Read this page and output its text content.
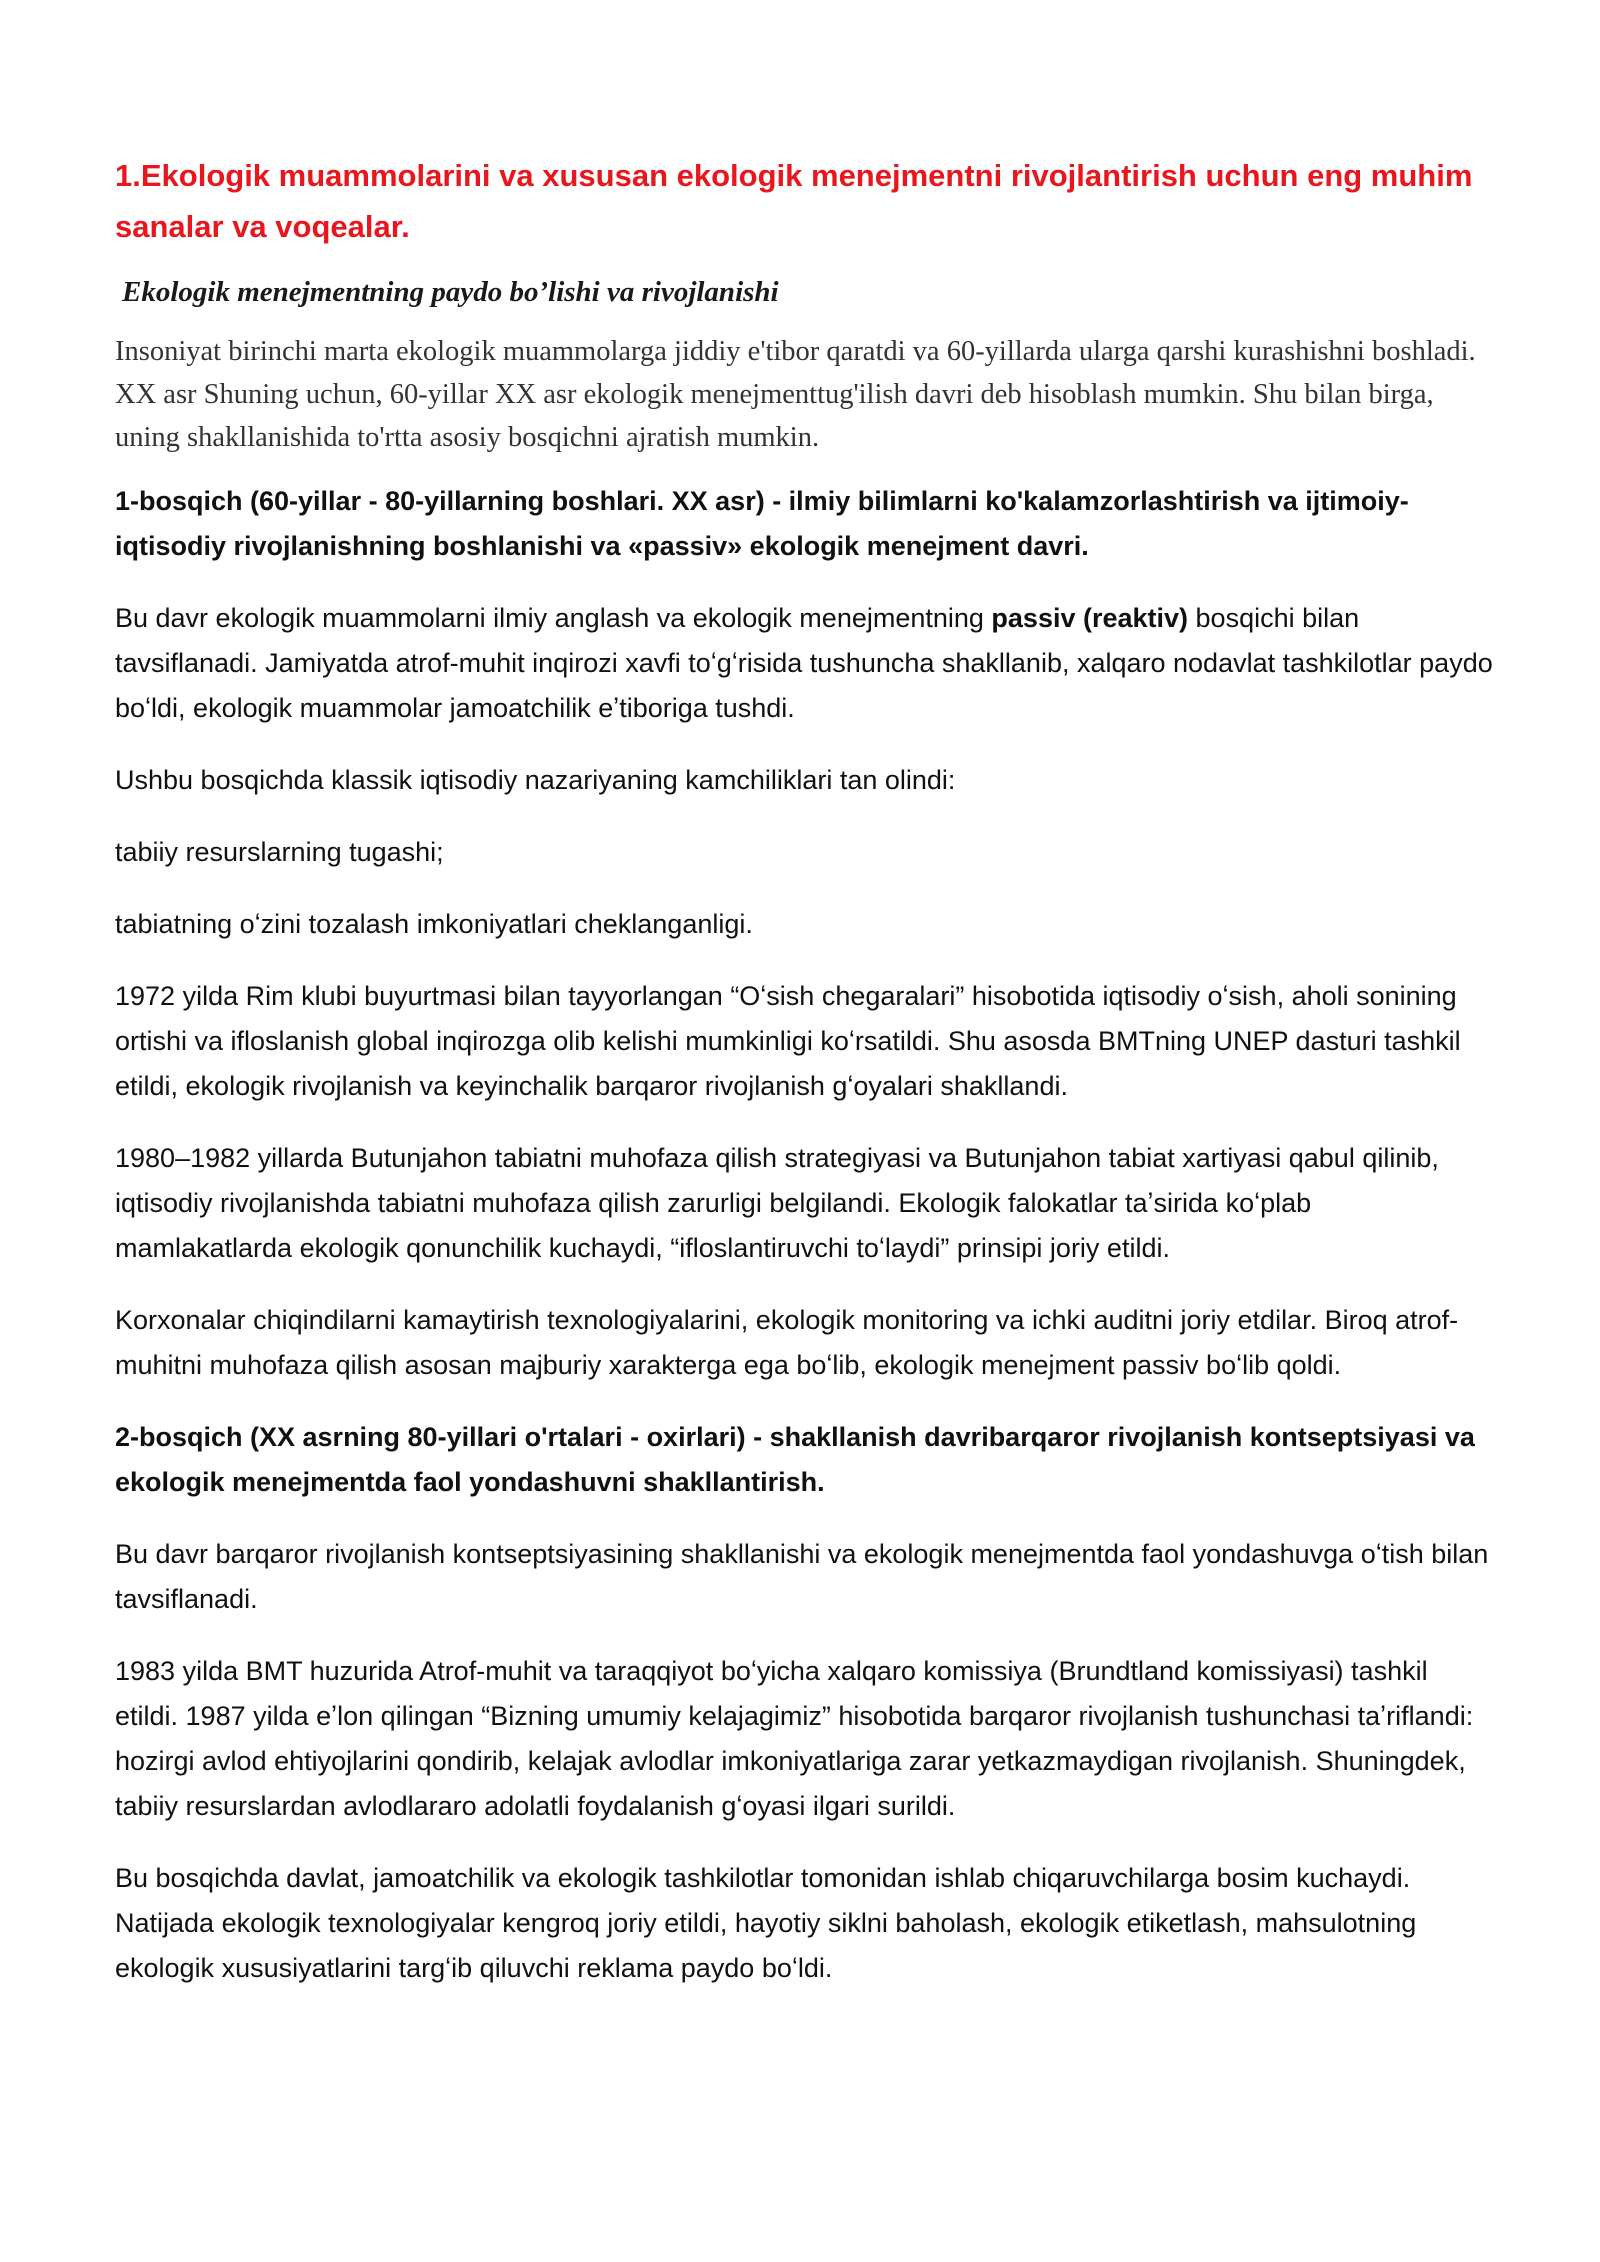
1.Ekologik muammolarini va xususan ekologik menejmentni rivojlantirish uchun eng muhim sanalar va voqealar.
Ekologik menejmentning paydo bo’lishi va rivojlanishi

Insoniyat birinchi marta ekologik muammolarga jiddiy e'tibor qaratdi va 60-yillarda ularga qarshi kurashishni boshladi. XX asr Shuning uchun, 60-yillar XX asr ekologik menejmenttug'ilish davri deb hisoblash mumkin. Shu bilan birga, uning shakllanishida to'rtta asosiy bosqichni ajratish mumkin.

1-bosqich (60-yillar - 80-yillarning boshlari. XX asr) - ilmiy bilimlarni ko'kalamzorlashtirish va ijtimoiy-iqtisodiy rivojlanishning boshlanishi va «passiv» ekologik menejment davri.

Bu davr ekologik muammolarni ilmiy anglash va ekologik menejmentning passiv (reaktiv) bosqichi bilan tavsiflanadi. Jamiyatda atrof-muhit inqirozi xavfi toʻgʻrisida tushuncha shakllanib, xalqaro nodavlat tashkilotlar paydo boʻldi, ekologik muammolar jamoatchilik eʼtiboriga tushdi.

Ushbu bosqichda klassik iqtisodiy nazariyaning kamchiliklari tan olindi:

tabiiy resurslarning tugashi;

tabiatning oʻzini tozalash imkoniyatlari cheklanganligi.

1972 yilda Rim klubi buyurtmasi bilan tayyorlangan “Oʻsish chegaralari” hisobotida iqtisodiy oʻsish, aholi sonining ortishi va ifloslanish global inqirozga olib kelishi mumkinligi koʻrsatildi. Shu asosda BMTning UNEP dasturi tashkil etildi, ekologik rivojlanish va keyinchalik barqaror rivojlanish gʻoyalari shakllandi.

1980–1982 yillarda Butunjahon tabiatni muhofaza qilish strategiyasi va Butunjahon tabiat xartiyasi qabul qilinib, iqtisodiy rivojlanishda tabiatni muhofaza qilish zarurligi belgilandi. Ekologik falokatlar taʼsirida koʻplab mamlakatlarda ekologik qonunchilik kuchaydi, “ifloslantiruvchi toʻlaydi” prinsipi joriy etildi.

Korxonalar chiqindilarni kamaytirish texnologiyalarini, ekologik monitoring va ichki auditni joriy etdilar. Biroq atrof-muhitni muhofaza qilish asosan majburiy xarakterga ega boʻlib, ekologik menejment passiv boʻlib qoldi.

2-bosqich (XX asrning 80-yillari o'rtalari - oxirlari) - shakllanish davribarqaror rivojlanish kontseptsiyasi va ekologik menejmentda faol yondashuvni shakllantirish.

Bu davr barqaror rivojlanish kontseptsiyasining shakllanishi va ekologik menejmentda faol yondashuvga oʻtish bilan tavsiflanadi.

1983 yilda BMT huzurida Atrof-muhit va taraqqiyot boʻyicha xalqaro komissiya (Brundtland komissiyasi) tashkil etildi. 1987 yilda eʼlon qilingan “Bizning umumiy kelajagimiz” hisobotida barqaror rivojlanish tushunchasi taʼriflandi: hozirgi avlod ehtiyojlarini qondirib, kelajak avlodlar imkoniyatlariga zarar yetkazmaydigan rivojlanish. Shuningdek, tabiiy resurslardan avlodlararo adolatli foydalanish gʻoyasi ilgari surildi.

Bu bosqichda davlat, jamoatchilik va ekologik tashkilotlar tomonidan ishlab chiqaruvchilarga bosim kuchaydi. Natijada ekologik texnologiyalar kengroq joriy etildi, hayotiy siklni baholash, ekologik etiketlash, mahsulotning ekologik xususiyatlarini targʻib qiluvchi reklama paydo boʻldi.
